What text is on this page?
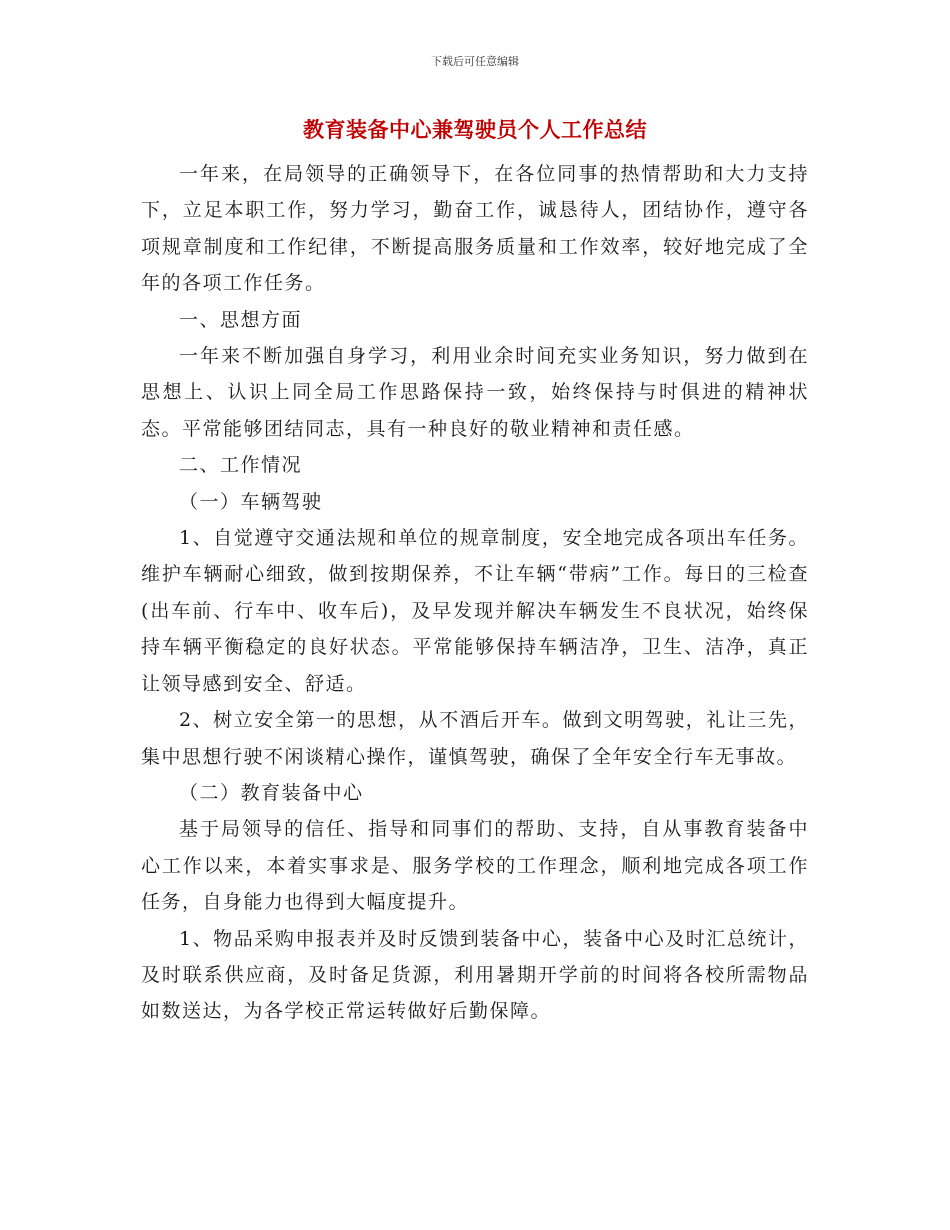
下载后可任意编辑
教育装备中心兼驾驶员个人工作总结

一年来，在局领导的正确领导下，在各位同事的热情帮助和大力支持下，立足本职工作，努力学习，勤奋工作，诚恳待人，团结协作，遵守各项规章制度和工作纪律，不断提高服务质量和工作效率，较好地完成了全年的各项工作任务。

一、思想方面

一年来不断加强自身学习，利用业余时间充实业务知识，努力做到在思想上、认识上同全局工作思路保持一致，始终保持与时俱进的精神状态。平常能够团结同志，具有一种良好的敬业精神和责任感。

二、工作情况

（一）车辆驾驶

1、自觉遵守交通法规和单位的规章制度，安全地完成各项出车任务。维护车辆耐心细致，做到按期保养，不让车辆“带病”工作。每日的三检查(出车前、行车中、收车后)，及早发现并解决车辆发生不良状况，始终保持车辆平衡稳定的良好状态。平常能够保持车辆洁净，卫生、洁净，真正让领导感到安全、舒适。

2、树立安全第一的思想，从不酒后开车。做到文明驾驶，礼让三先，集中思想行驶不闲谈精心操作，谨慎驾驶，确保了全年安全行车无事故。

（二）教育装备中心

基于局领导的信任、指导和同事们的帮助、支持，自从事教育装备中心工作以来，本着实事求是、服务学校的工作理念，顺利地完成各项工作任务，自身能力也得到大幅度提升。

1、物品采购申报表并及时反馈到装备中心，装备中心及时汇总统计，及时联系供应商，及时备足货源，利用暑期开学前的时间将各校所需物品如数送达，为各学校正常运转做好后勤保障。
